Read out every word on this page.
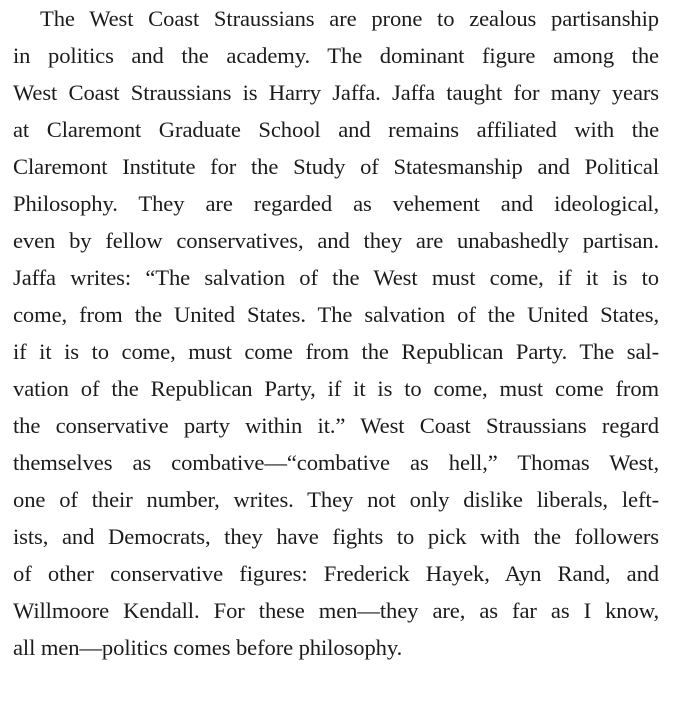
The West Coast Straussians are prone to zealous partisanship

in politics and the academy. The dominant figure among the

West Coast Straussians is Harry Jaffa. Jaffa taught for many years

at Claremont Graduate School and remains affiliated with the

Claremont Institute for the Study of Statesmanship and Political

Philosophy. They are regarded as vehement and ideological,

even by fellow conservatives, and they are unabashedly partisan.

Jaffa writes: “The salvation of the West must come, if it is to

come, from the United States. The salvation of the United States,

if it is to come, must come from the Republican Party. The sal-

vation of the Republican Party, if it is to come, must come from

the conservative party within it.” West Coast Straussians regard

themselves as combative—“combative as hell,” Thomas West,

one of their number, writes. They not only dislike liberals, left-

ists, and Democrats, they have fights to pick with the followers

of other conservative figures: Frederick Hayek, Ayn Rand, and

Willmoore Kendall. For these men—they are, as far as I know,

all men—politics comes before philosophy.
